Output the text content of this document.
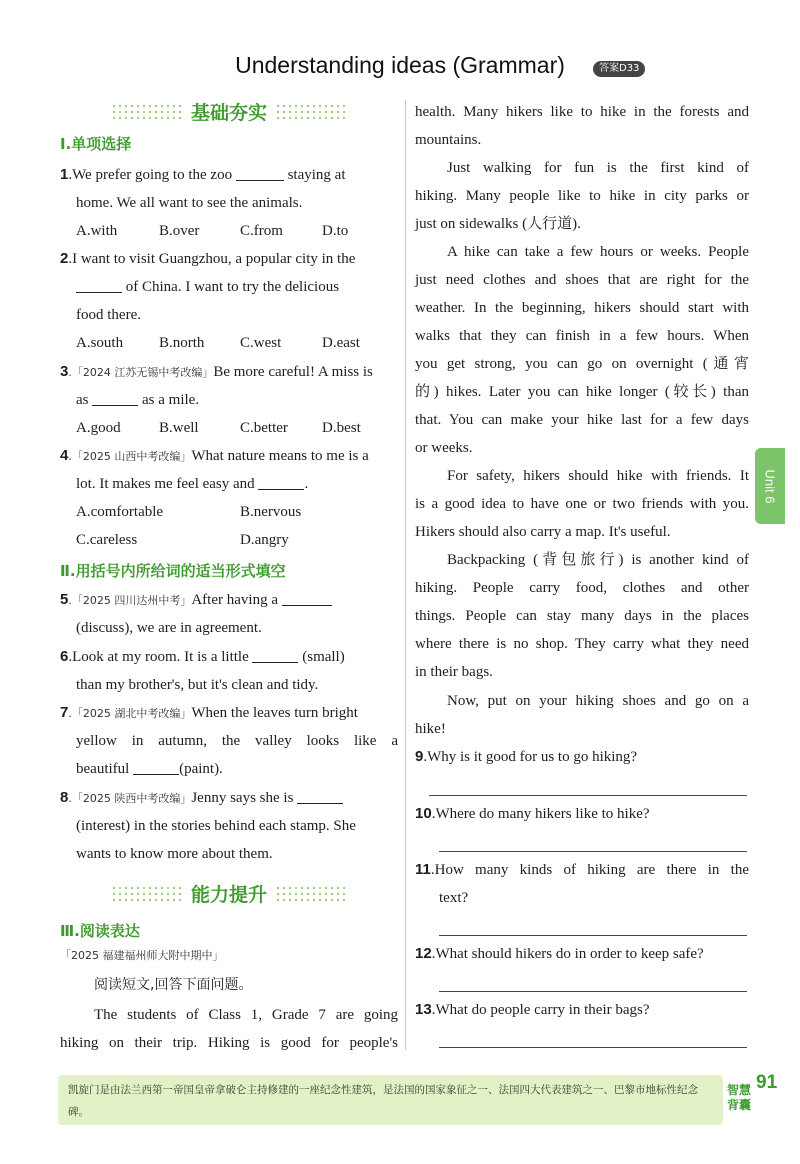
Understanding ideas (Grammar)	答案D33
基础夯实
Ⅰ.单项选择
1.We prefer going to the zoo	staying at
home. We all want to see the animals.
A.with	B.over	C.from	D.to
2.I want to visit Guangzhou, a popular city in the
of China. I want to try the delicious
food there.
A.south B.north C.west	D.east
3.「2024 江苏无锡中考改编」Be more careful! A miss is
as	as a mile.
A.good	B.well	C.better D.best
4.「2025 山西中考改编」What nature means to me is a
lot. It makes me feel easy and	.
A.comfortable	B.nervous
C.careless	D.angry
Ⅱ.用括号内所给词的适当形式填空
5.「2025 四川达州中考」After having a
(discuss), we are in agreement.
6.Look at my room. It is a little	(small)
than my brother's, but it's clean and tidy.
7.「2025 湖北中考改编」When the leaves turn bright
yellow in autumn, the valley looks like a
beautiful	(paint).
8.「2025 陕西中考改编」Jenny says she is
(interest) in the stories behind each stamp. She
wants to know more about them.
能力提升
Ⅲ.阅读表达
「2025 福建福州师大附中期中」
阅读短文,回答下面问题。
The students of Class 1, Grade 7 are going
hiking on their trip. Hiking is good for people's
health. Many hikers like to hike in the forests and
mountains.
Just walking for fun is the first kind of
hiking. Many people like to hike in city parks or
just on sidewalks (人行道).
A hike can take a few hours or weeks. People
just need clothes and shoes that are right for the
weather. In the beginning, hikers should start with
walks that they can finish in a few hours. When
you get strong, you can go on overnight (通宵
的) hikes. Later you can hike longer (较长) than
that. You can make your hike last for a few days
or weeks.
For safety, hikers should hike with friends. It
is a good idea to have one or two friends with you.
Hikers should also carry a map. It's useful.
Backpacking (背包旅行) is another kind of
hiking. People carry food, clothes and other
things. People can stay many days in the places
where there is no shop. They carry what they need
in their bags.
Now, put on your hiking shoes and go on a
hike!
9.Why is it good for us to go hiking?
10.Where do many hikers like to hike?
11.How many kinds of hiking are there in the
text?
12.What should hikers do in order to keep safe?
13.What do people carry in their bags?
Unit 6
凯旋门是由法兰西第一帝国皇帝拿破仑主持修建的一座纪念性建筑，是法国的国家象征之一、法国四大代表建筑之一、巴黎市地标性纪念碑。
智慧背囊
91
